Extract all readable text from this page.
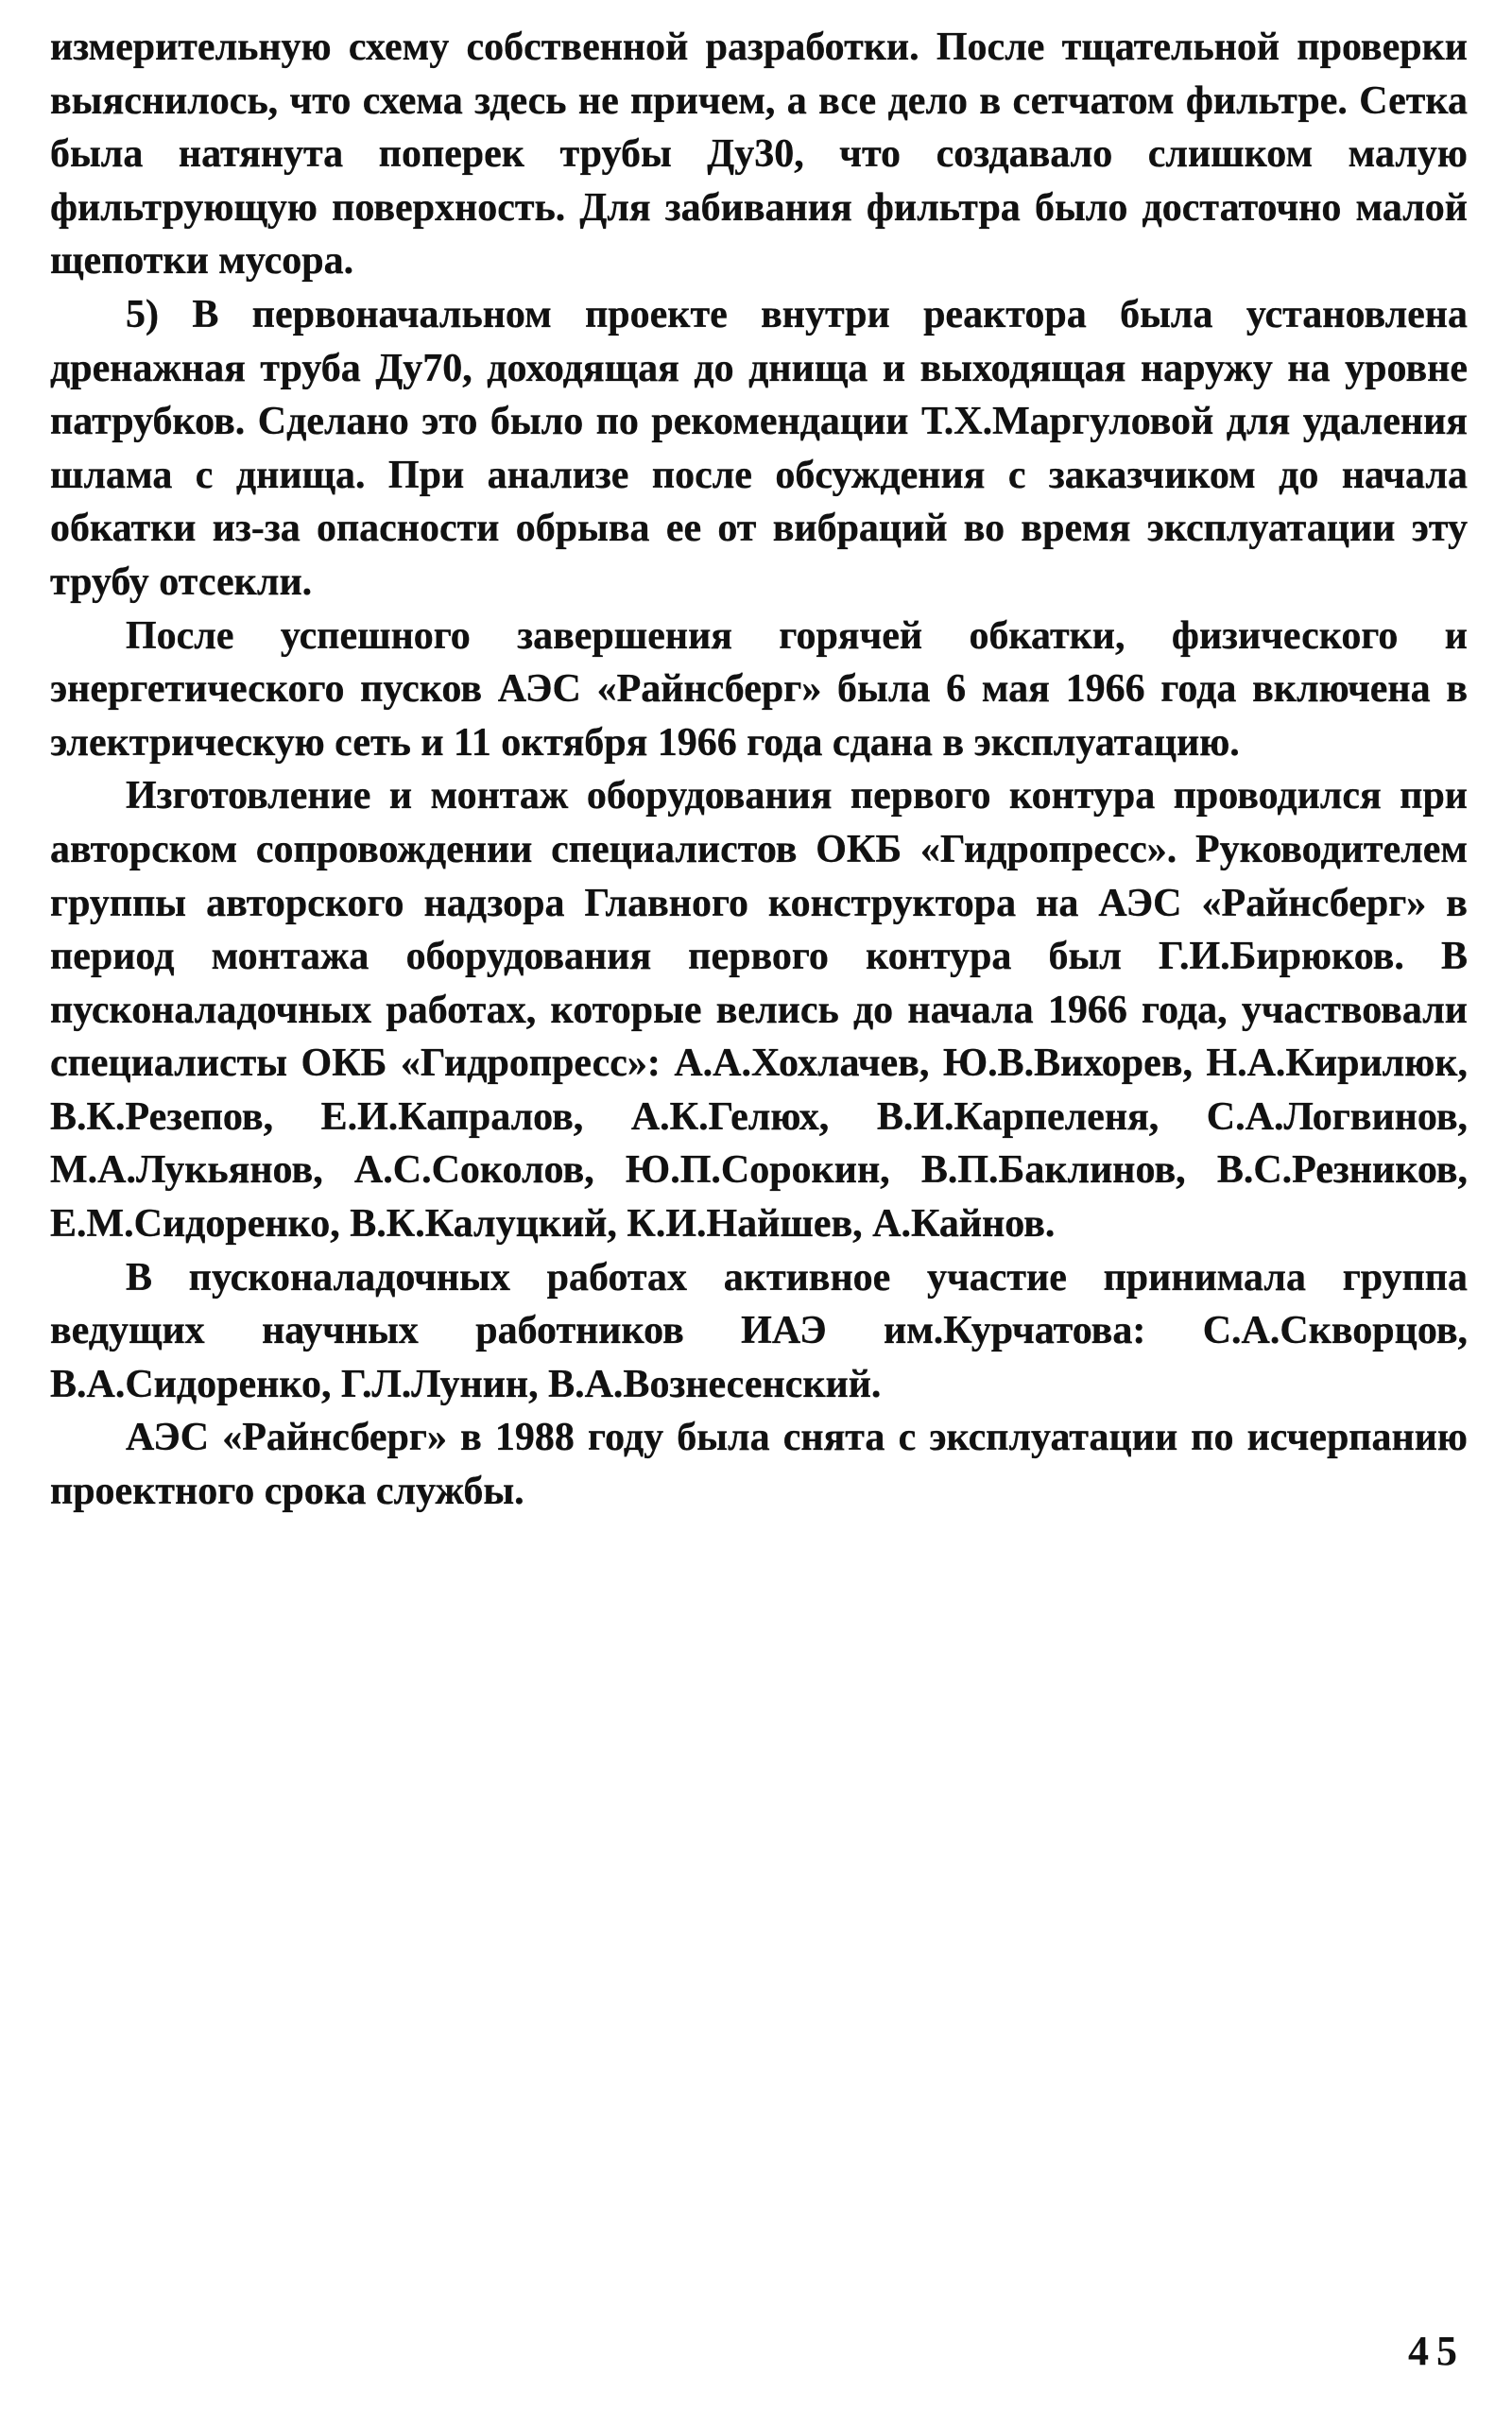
измерительную схему собственной разработки. После тщательной проверки выяснилось, что схема здесь не причем, а все дело в сетчатом фильтре. Сетка была натянута поперек трубы Ду30, что создавало слишком малую фильтрующую поверхность. Для забивания фильтра было достаточно малой щепотки мусора.

5) В первоначальном проекте внутри реактора была установлена дренажная труба Ду70, доходящая до днища и выходящая наружу на уровне патрубков. Сделано это было по рекомендации Т.Х.Маргуловой для удаления шлама с днища. При анализе после обсуждения с заказчиком до начала обкатки из-за опасности обрыва ее от вибраций во время эксплуатации эту трубу отсекли.

После успешного завершения горячей обкатки, физического и энергетического пусков АЭС «Райнсберг» была 6 мая 1966 года включена в электрическую сеть и 11 октября 1966 года сдана в эксплуатацию.

Изготовление и монтаж оборудования первого контура проводился при авторском сопровождении специалистов ОКБ «Гидропресс». Руководителем группы авторского надзора Главного конструктора на АЭС «Райнсберг» в период монтажа оборудования первого контура был Г.И.Бирюков. В пусконаладочных работах, которые велись до начала 1966 года, участвовали специалисты ОКБ «Гидропресс»: А.А.Хохлачев, Ю.В.Вихорев, Н.А.Кирилюк, В.К.Резепов, Е.И.Капралов, А.К.Гелюх, В.И.Карпеленя, С.А.Логвинов, М.А.Лукьянов, А.С.Соколов, Ю.П.Сорокин, В.П.Баклинов, В.С.Резников, Е.М.Сидоренко, В.К.Калуцкий, К.И.Найшев, А.Кайнов.

В пусконаладочных работах активное участие принимала группа ведущих научных работников ИАЭ им.Курчатова: С.А.Скворцов, В.А.Сидоренко, Г.Л.Лунин, В.А.Вознесенский.

АЭС «Райнсберг» в 1988 году была снята с эксплуатации по исчерпанию проектного срока службы.

45
